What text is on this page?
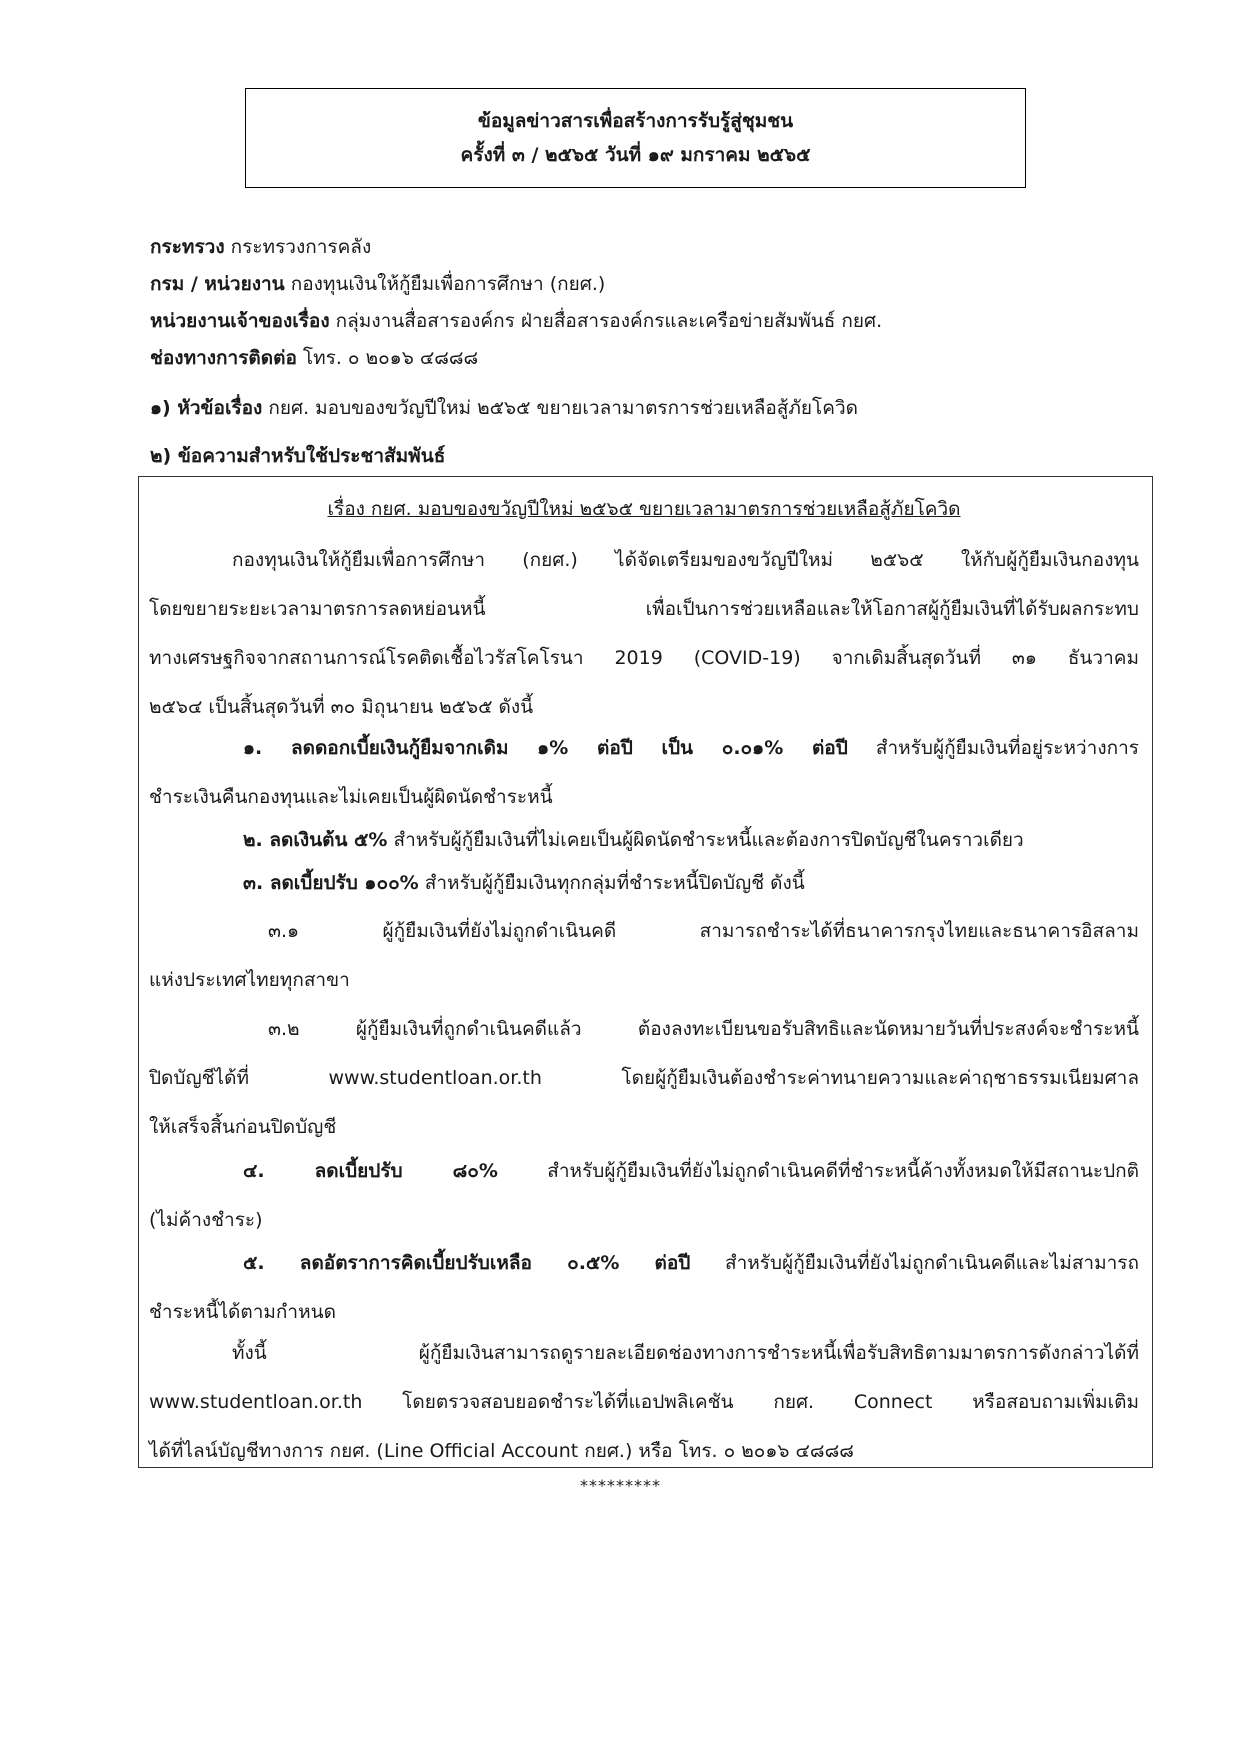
ข้อมูลข่าวสารเพื่อสร้างการรับรู้สู่ชุมชน
ครั้งที่ ๓ / ๒๕๖๕ วันที่ ๑๙ มกราคม ๒๕๖๕
กระทรวง กระทรวงการคลัง
กรม / หน่วยงาน กองทุนเงินให้กู้ยืมเพื่อการศึกษา (กยศ.)
หน่วยงานเจ้าของเรื่อง กลุ่มงานสื่อสารองค์กร ฝ่ายสื่อสารองค์กรและเครือข่ายสัมพันธ์ กยศ.
ช่องทางการติดต่อ โทร. ๐ ๒๐๑๖ ๔๘๘๘
๑) หัวข้อเรื่อง กยศ. มอบของขวัญปีใหม่ ๒๕๖๕ ขยายเวลามาตรการช่วยเหลือสู้ภัยโควิด
๒) ข้อความสำหรับใช้ประชาสัมพันธ์
เรื่อง กยศ. มอบของขวัญปีใหม่ ๒๕๖๕ ขยายเวลามาตรการช่วยเหลือสู้ภัยโควิด
กองทุนเงินให้กู้ยืมเพื่อการศึกษา (กยศ.) ได้จัดเตรียมของขวัญปีใหม่ ๒๕๖๕ ให้กับผู้กู้ยืมเงินกองทุน
โดยขยายระยะเวลามาตรการลดหย่อนหนี้ เพื่อเป็นการช่วยเหลือและให้โอกาสผู้กู้ยืมเงินที่ได้รับผลกระทบ
ทางเศรษฐกิจจากสถานการณ์โรคติดเชื้อไวรัสโคโรนา 2019 (COVID-19) จากเดิมสิ้นสุดวันที่ ๓๑ ธันวาคม
๒๕๖๔ เป็นสิ้นสุดวันที่ ๓๐ มิถุนายน ๒๕๖๕ ดังนี้
๑. ลดดอกเบี้ยเงินกู้ยืมจากเดิม ๑% ต่อปี เป็น ๐.๐๑% ต่อปี สำหรับผู้กู้ยืมเงินที่อยู่ระหว่างการ
ชำระเงินคืนกองทุนและไม่เคยเป็นผู้ผิดนัดชำระหนี้
๒. ลดเงินต้น ๕% สำหรับผู้กู้ยืมเงินที่ไม่เคยเป็นผู้ผิดนัดชำระหนี้และต้องการปิดบัญชีในคราวเดียว
๓. ลดเบี้ยปรับ ๑๐๐% สำหรับผู้กู้ยืมเงินทุกกลุ่มที่ชำระหนี้ปิดบัญชี ดังนี้
๓.๑ ผู้กู้ยืมเงินที่ยังไม่ถูกดำเนินคดี สามารถชำระได้ที่ธนาคารกรุงไทยและธนาคารอิสลาม
แห่งประเทศไทยทุกสาขา
๓.๒ ผู้กู้ยืมเงินที่ถูกดำเนินคดีแล้ว ต้องลงทะเบียนขอรับสิทธิและนัดหมายวันที่ประสงค์จะชำระหนี้
ปิดบัญชีได้ที่ www.studentloan.or.th โดยผู้กู้ยืมเงินต้องชำระค่าทนายความและค่าฤชาธรรมเนียมศาล
ให้เสร็จสิ้นก่อนปิดบัญชี
๔. ลดเบี้ยปรับ ๘๐% สำหรับผู้กู้ยืมเงินที่ยังไม่ถูกดำเนินคดีที่ชำระหนี้ค้างทั้งหมดให้มีสถานะปกติ
(ไม่ค้างชำระ)
๕. ลดอัตราการคิดเบี้ยปรับเหลือ ๐.๕% ต่อปี สำหรับผู้กู้ยืมเงินที่ยังไม่ถูกดำเนินคดีและไม่สามารถ
ชำระหนี้ได้ตามกำหนด
ทั้งนี้ ผู้กู้ยืมเงินสามารถดูรายละเอียดช่องทางการชำระหนี้เพื่อรับสิทธิตามมาตรการดังกล่าวได้ที่
www.studentloan.or.th โดยตรวจสอบยอดชำระได้ที่แอปพลิเคชัน กยศ. Connect หรือสอบถามเพิ่มเติม
ได้ที่ไลน์บัญชีทางการ กยศ. (Line Official Account กยศ.) หรือ โทร. ๐ ๒๐๑๖ ๔๘๘๘
*********
